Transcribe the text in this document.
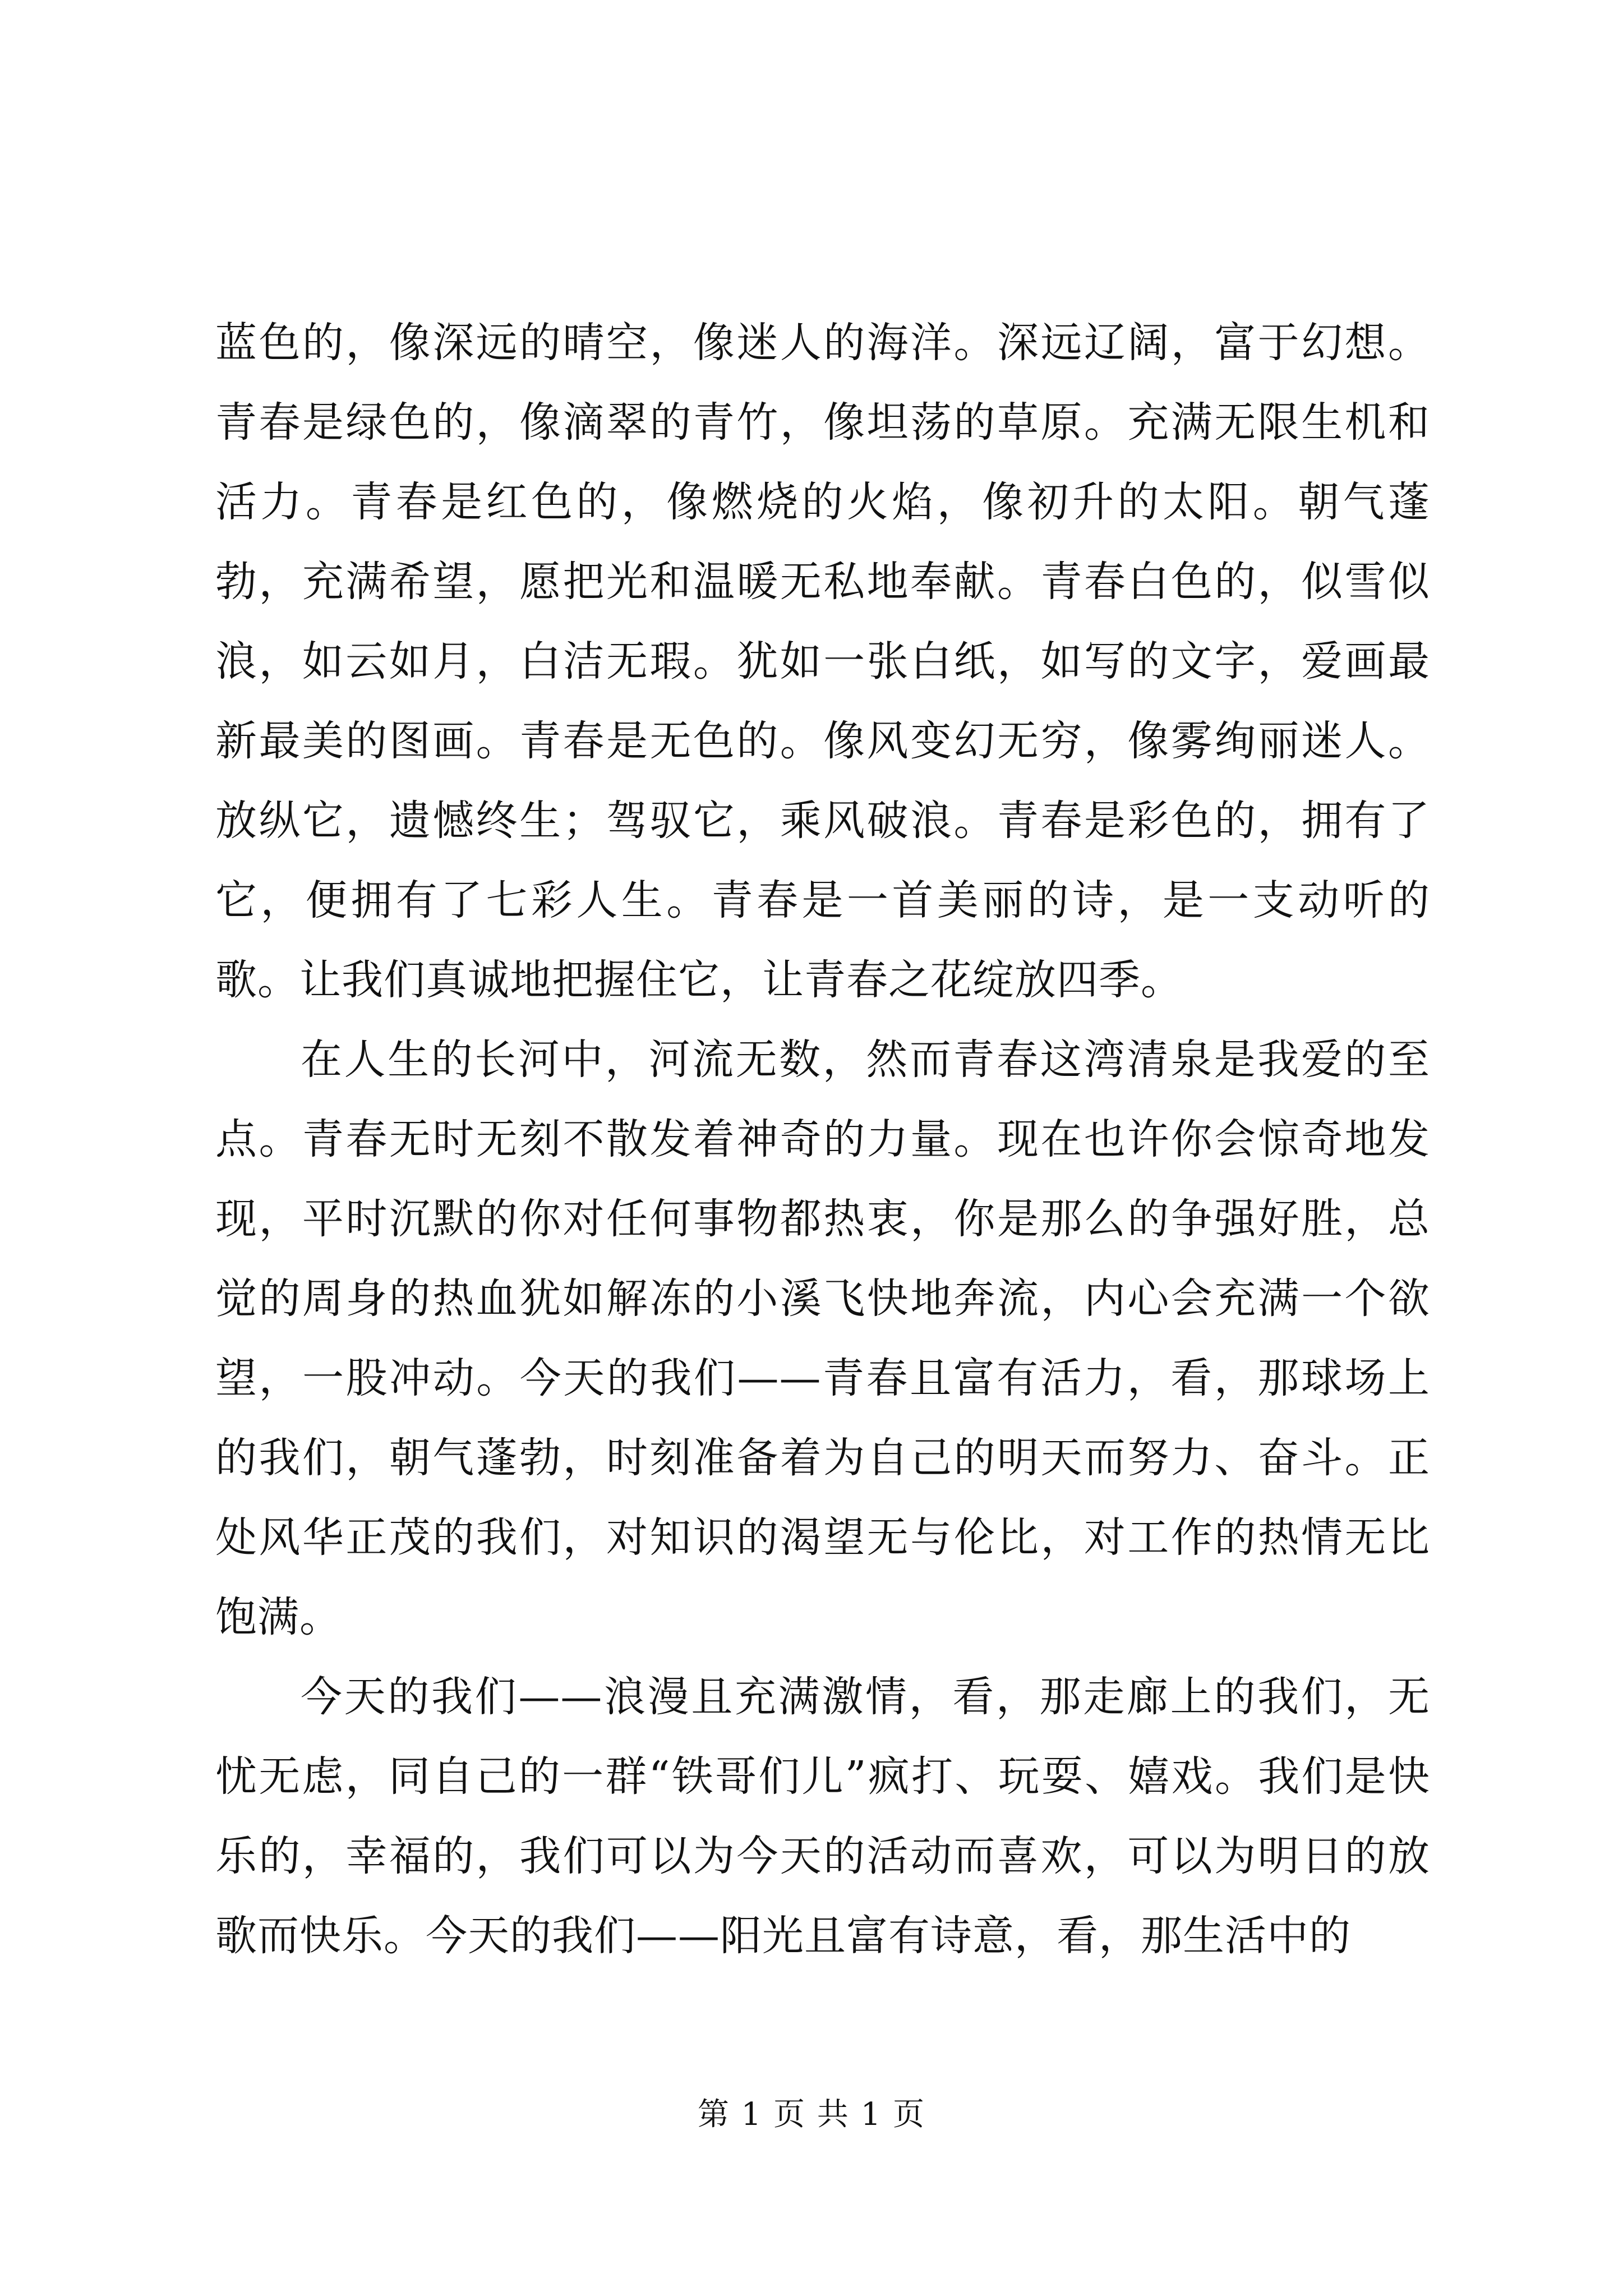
蓝色的，像深远的晴空，像迷人的海洋。深远辽阔，富于幻想。青春是绿色的，像滴翠的青竹，像坦荡的草原。充满无限生机和活力。青春是红色的，像燃烧的火焰，像初升的太阳。朝气蓬勃，充满希望，愿把光和温暖无私地奉献。青春白色的，似雪似浪，如云如月，白洁无瑕。犹如一张白纸，如写的文字，爱画最新最美的图画。青春是无色的。像风变幻无穷，像雾绚丽迷人。放纵它，遗憾终生；驾驭它，乘风破浪。青春是彩色的，拥有了它，便拥有了七彩人生。青春是一首美丽的诗，是一支动听的歌。让我们真诚地把握住它，让青春之花绽放四季。

在人生的长河中，河流无数，然而青春这湾清泉是我爱的至点。青春无时无刻不散发着神奇的力量。现在也许你会惊奇地发现，平时沉默的你对任何事物都热衷，你是那么的争强好胜，总觉的周身的热血犹如解冻的小溪飞快地奔流，内心会充满一个欲望，一股冲动。今天的我们——青春且富有活力，看，那球场上的我们，朝气蓬勃，时刻准备着为自己的明天而努力、奋斗。正处风华正茂的我们，对知识的渴望无与伦比，对工作的热情无比饱满。

今天的我们——浪漫且充满激情，看，那走廊上的我们，无忧无虑，同自己的一群“铁哥们儿”疯打、玩耍、嬉戏。我们是快乐的，幸福的，我们可以为今天的活动而喜欢，可以为明日的放歌而快乐。今天的我们——阳光且富有诗意，看，那生活中的

第 1 页 共 1 页
